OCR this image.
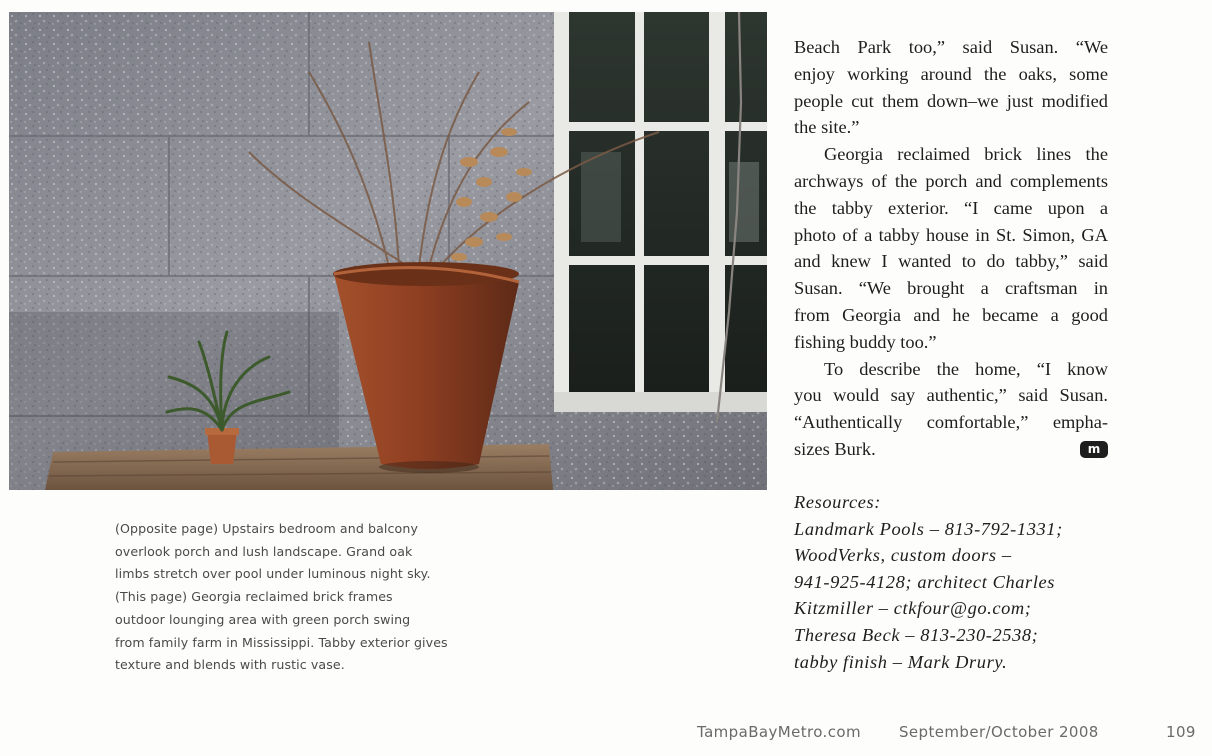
(Opposite page) Upstairs bedroom and balcony
overlook porch and lush landscape. Grand oak
limbs stretch over pool under luminous night sky.
(This page) Georgia reclaimed brick frames
outdoor lounging area with green porch swing
from family farm in Mississippi. Tabby exterior gives
texture and blends with rustic vase.
Beach Park too,” said Susan. “We
enjoy working around the oaks, some
people cut them down–we just modified
the site.”
Georgia reclaimed brick lines the
archways of the porch and complements
the tabby exterior. “I came upon a
photo of a tabby house in St. Simon, GA
and knew I wanted to do tabby,” said
Susan. “We brought a craftsman in
from Georgia and he became a good
fishing buddy too.”
To describe the home, “I know
you would say authentic,” said Susan.
“Authentically comfortable,” empha-
sizes Burk.	m
Resources:
Landmark Pools – 813-792-1331;
WoodVerks, custom doors –
941-925-4128; architect Charles
Kitzmiller – ctkfour@go.com;
Theresa Beck – 813-230-2538;
tabby finish – Mark Drury.
TampaBayMetro.com	September/October 2008	109
